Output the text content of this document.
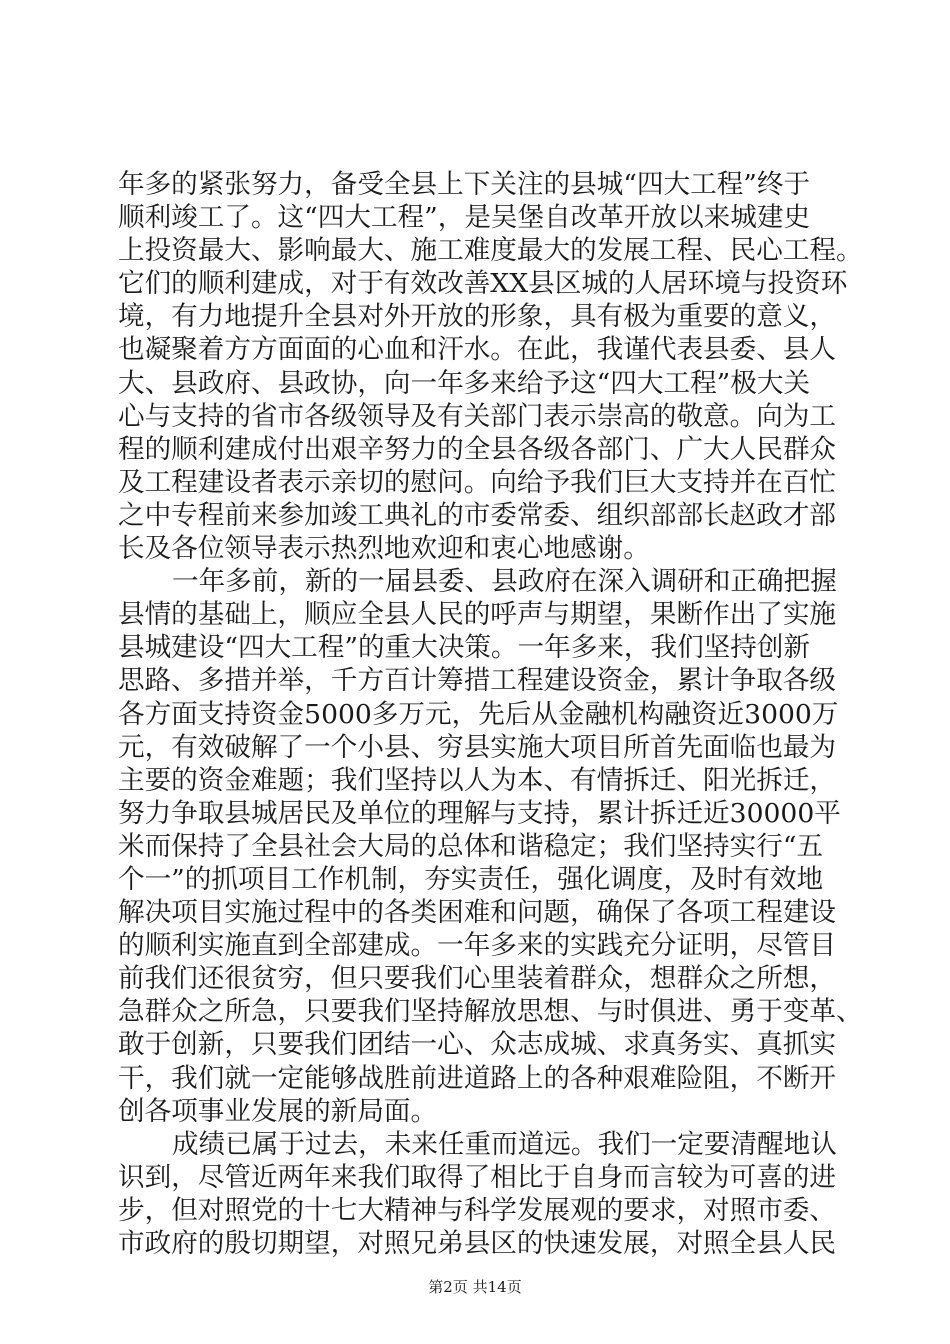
年多的紧张努力，备受全县上下关注的县城“四大工程”终于
顺利竣工了。这“四大工程”，是吴堡自改革开放以来城建史
上投资最大、影响最大、施工难度最大的发展工程、民心工程。
它们的顺利建成，对于有效改善XX县区城的人居环境与投资环
境，有力地提升全县对外开放的形象，具有极为重要的意义，
也凝聚着方方面面的心血和汗水。在此，我谨代表县委、县人
大、县政府、县政协，向一年多来给予这“四大工程”极大关
心与支持的省市各级领导及有关部门表示崇高的敬意。向为工
程的顺利建成付出艰辛努力的全县各级各部门、广大人民群众
及工程建设者表示亲切的慰问。向给予我们巨大支持并在百忙
之中专程前来参加竣工典礼的市委常委、组织部部长赵政才部
长及各位领导表示热烈地欢迎和衷心地感谢。
一年多前，新的一届县委、县政府在深入调研和正确把握
县情的基础上，顺应全县人民的呼声与期望，果断作出了实施
县城建设“四大工程”的重大决策。一年多来，我们坚持创新
思路、多措并举，千方百计筹措工程建设资金，累计争取各级
各方面支持资金5000多万元，先后从金融机构融资近3000万
元，有效破解了一个小县、穷县实施大项目所首先面临也最为
主要的资金难题；我们坚持以人为本、有情拆迁、阳光拆迁，
努力争取县城居民及单位的理解与支持，累计拆迁近30000平
米而保持了全县社会大局的总体和谐稳定；我们坚持实行“五
个一”的抓项目工作机制，夯实责任，强化调度，及时有效地
解决项目实施过程中的各类困难和问题，确保了各项工程建设
的顺利实施直到全部建成。一年多来的实践充分证明，尽管目
前我们还很贫穷，但只要我们心里装着群众，想群众之所想，
急群众之所急，只要我们坚持解放思想、与时俱进、勇于变革、
敢于创新，只要我们团结一心、众志成城、求真务实、真抓实
干，我们就一定能够战胜前进道路上的各种艰难险阻，不断开
创各项事业发展的新局面。
成绩已属于过去，未来任重而道远。我们一定要清醒地认
识到，尽管近两年来我们取得了相比于自身而言较为可喜的进
步，但对照党的十七大精神与科学发展观的要求，对照市委、
市政府的殷切期望，对照兄弟县区的快速发展，对照全县人民
第2页 共14页
